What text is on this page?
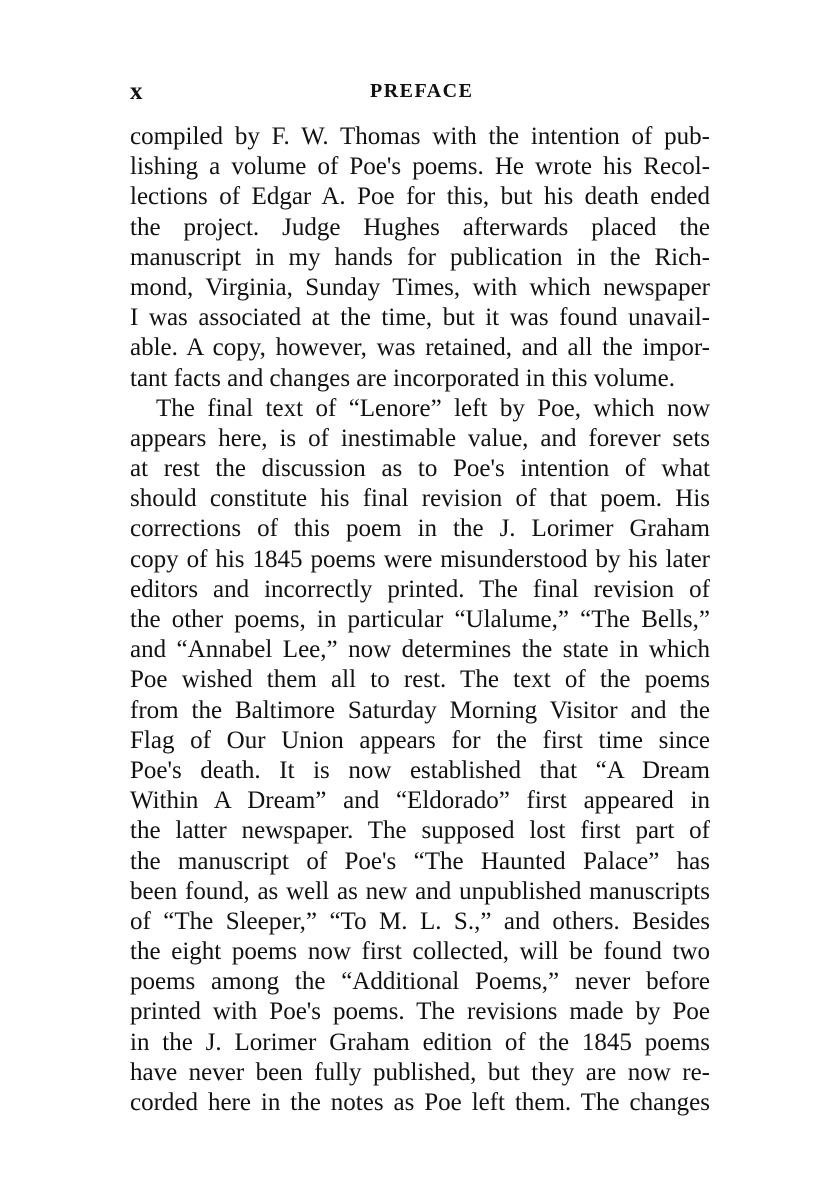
x	PREFACE
compiled by F. W. Thomas with the intention of pub-
lishing a volume of Poe's poems. He wrote his Recol-
lections of Edgar A. Poe for this, but his death ended
the project. Judge Hughes afterwards placed the
manuscript in my hands for publication in the Rich-
mond, Virginia, Sunday Times, with which newspaper
I was associated at the time, but it was found unavail-
able. A copy, however, was retained, and all the impor-
tant facts and changes are incorporated in this volume.
The final text of “Lenore” left by Poe, which now
appears here, is of inestimable value, and forever sets
at rest the discussion as to Poe's intention of what
should constitute his final revision of that poem. His
corrections of this poem in the J. Lorimer Graham
copy of his 1845 poems were misunderstood by his later
editors and incorrectly printed. The final revision of
the other poems, in particular “Ulalume,” “The Bells,”
and “Annabel Lee,” now determines the state in which
Poe wished them all to rest. The text of the poems
from the Baltimore Saturday Morning Visitor and the
Flag of Our Union appears for the first time since
Poe's death. It is now established that “A Dream
Within A Dream” and “Eldorado” first appeared in
the latter newspaper. The supposed lost first part of
the manuscript of Poe's “The Haunted Palace” has
been found, as well as new and unpublished manuscripts
of “The Sleeper,” “To M. L. S.,” and others. Besides
the eight poems now first collected, will be found two
poems among the “Additional Poems,” never before
printed with Poe's poems. The revisions made by Poe
in the J. Lorimer Graham edition of the 1845 poems
have never been fully published, but they are now re-
corded here in the notes as Poe left them. The changes
